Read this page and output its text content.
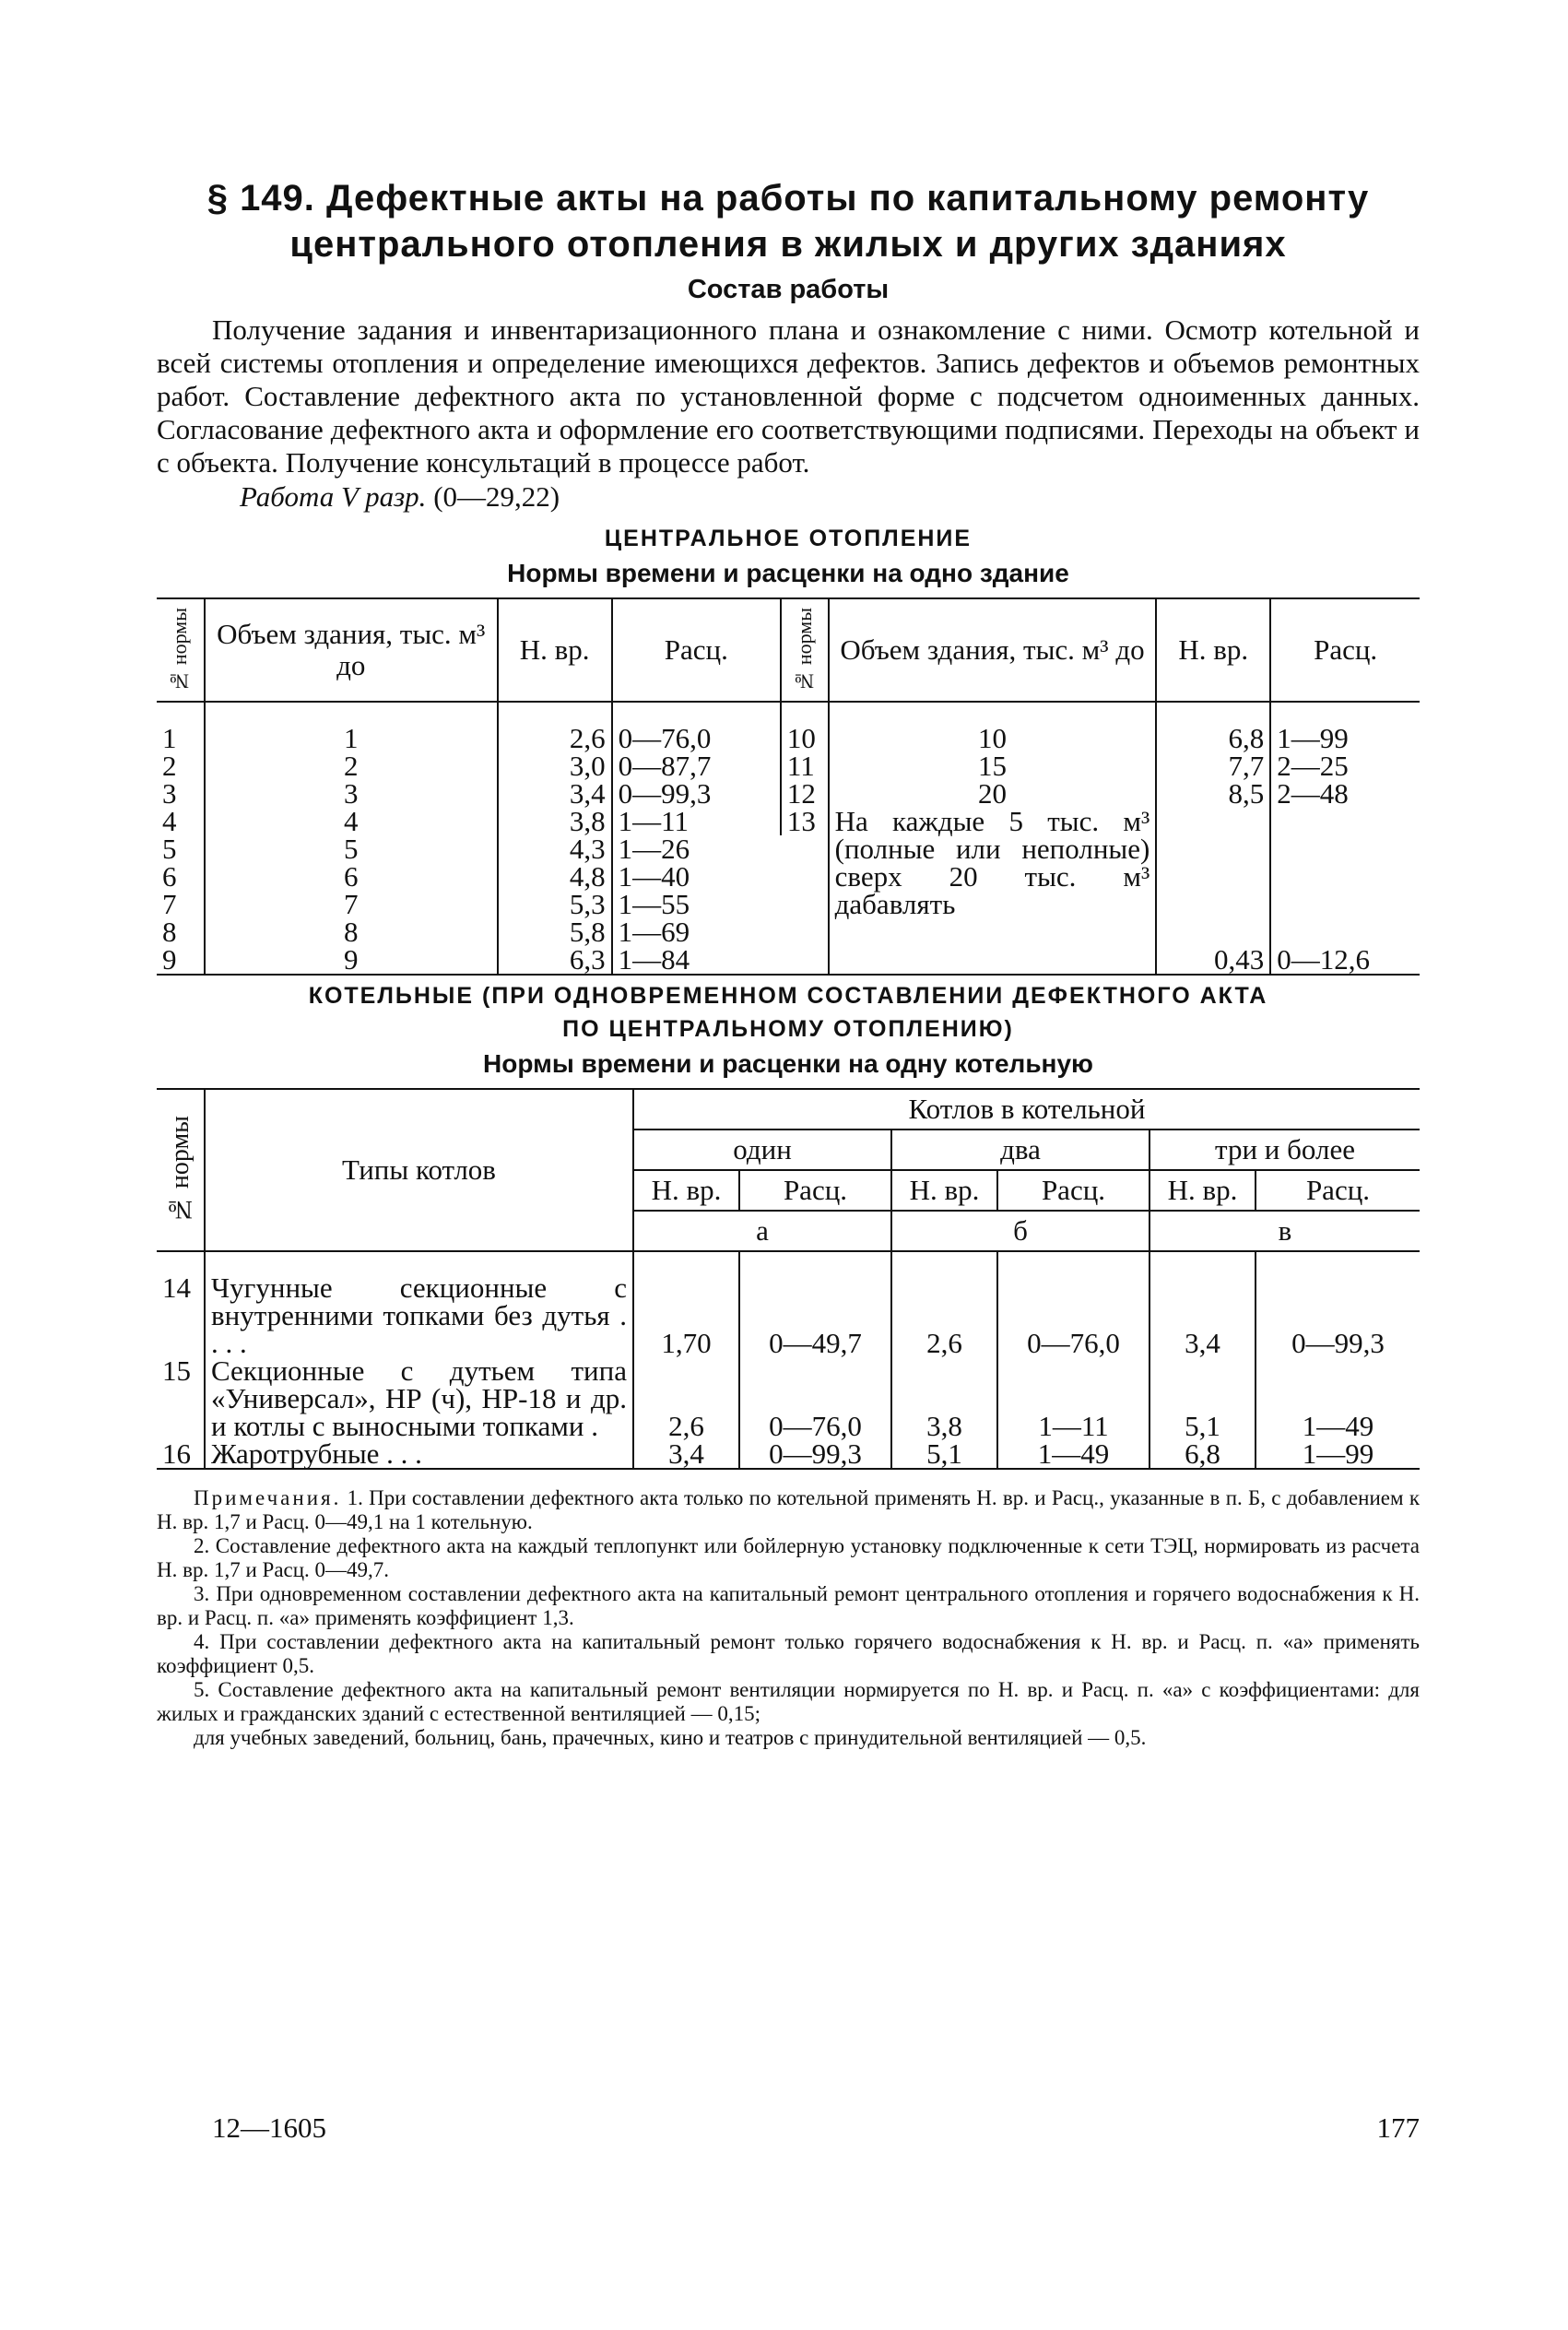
§ 149. Дефектные акты на работы по капитальному ремонту
центрального отопления в жилых и других зданиях
Состав работы

Получение задания и инвентаризационного плана и ознакомление с ними. Осмотр котельной и всей системы отопления и определение имеющихся дефектов. Запись дефектов и объемов ремонтных работ. Составление дефектного акта по установленной форме с подсчетом одноименных данных. Согласование дефектного акта и оформление его соответствующими подписями. Переходы на объект и с объекта. Получение консультаций в процессе работ.

Работа V разр. (0—29,22)

ЦЕНТРАЛЬНОЕ ОТОПЛЕНИЕ
Нормы времени и расценки на одно здание
№ нормы	Объем здания, тыс. м³ до	Н. вр.	Расц.	№ нормы	Объем здания, тыс. м³ до	Н. вр.	Расц.
1	1	2,6	0—76,0	10	10	6,8	1—99
2	2	3,0	0—87,7	11	15	7,7	2—25
3	3	3,4	0—99,3	12	20	8,5	2—48
4	4	3,8	1—11	13	На каждые 5 тыс. м³ (полные или неполные) сверх 20 тыс. м³ дабавлять	0,43	0—12,6
5	5	4,3	1—26				
6	6	4,8	1—40				
7	7	5,3	1—55				
8	8	5,8	1—69				
9	9	6,3	1—84				
КОТЕЛЬНЫЕ (ПРИ ОДНОВРЕМЕННОМ СОСТАВЛЕНИИ ДЕФЕКТНОГО АКТА
ПО ЦЕНТРАЛЬНОМУ ОТОПЛЕНИЮ)
Нормы времени и расценки на одну котельную
№ нормы	Типы котлов	Котлов в котельной					
		один		два		три и более	
		Н. вр.	Расц.	Н. вр.	Расц.	Н. вр.	Расц.
		а		б		в	
14	Чугунные секционные с внутренними топками без дутья . . . .	1,70	0—49,7	2,6	0—76,0	3,4	0—99,3
15	Секционные с дутьем типа «Универсал», НР (ч), НР-18 и др. и котлы с выносными топками .	2,6	0—76,0	3,8	1—11	5,1	1—49
16	Жаротрубные . . .	3,4	0—99,3	5,1	1—49	6,8	1—99

Примечания. 1. При составлении дефектного акта только по котельной применять Н. вр. и Расц., указанные в п. Б, с добавлением к Н. вр. 1,7 и Расц. 0—49,1 на 1 котельную.

2. Составление дефектного акта на каждый теплопункт или бойлерную установку подключенные к сети ТЭЦ, нормировать из расчета Н. вр. 1,7 и Расц. 0—49,7.

3. При одновременном составлении дефектного акта на капитальный ремонт центрального отопления и горячего водоснабжения к Н. вр. и Расц. п. «а» применять коэффициент 1,3.

4. При составлении дефектного акта на капитальный ремонт только горячего водоснабжения к Н. вр. и Расц. п. «а» применять коэффициент 0,5.

5. Составление дефектного акта на капитальный ремонт вентиляции нормируется по Н. вр. и Расц. п. «а» с коэффициентами: для жилых и гражданских зданий с естественной вентиляцией — 0,15;

для учебных заведений, больниц, бань, прачечных, кино и театров с принудительной вентиляцией — 0,5.

12—1605	177
